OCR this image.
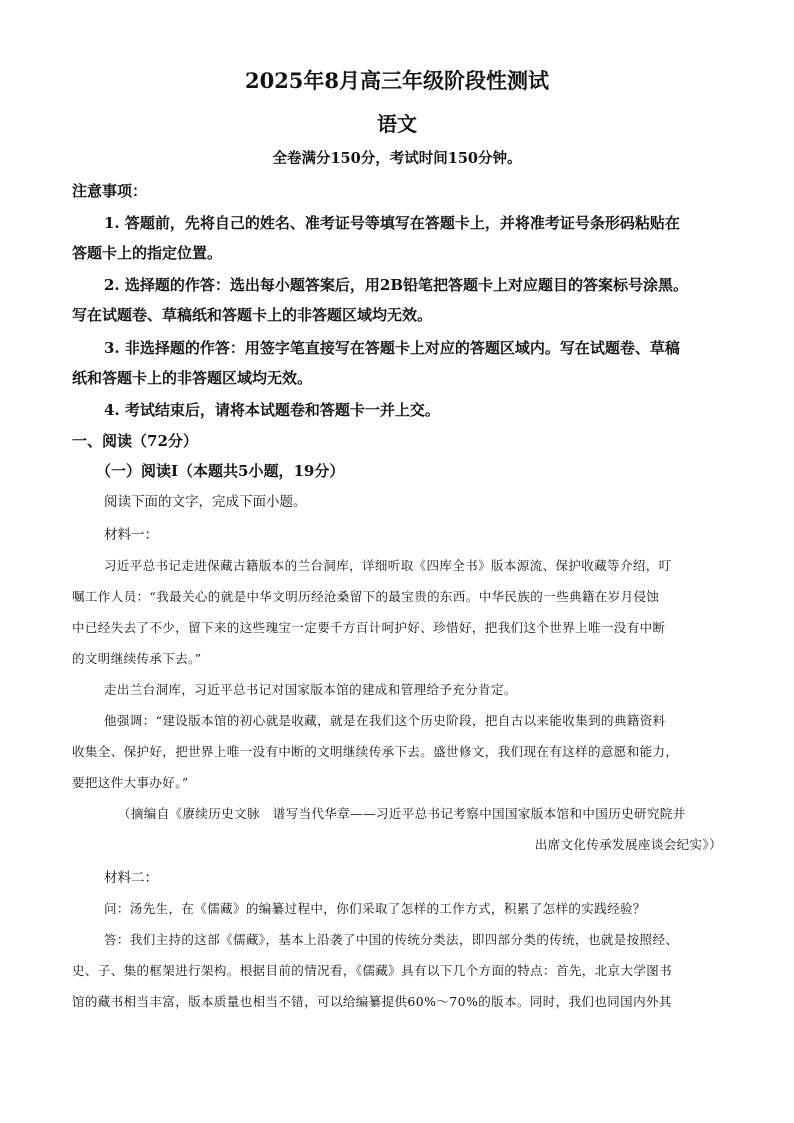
2025年8月高三年级阶段性测试
语文
全卷满分150分，考试时间150分钟。
注意事项：
1. 答题前，先将自己的姓名、准考证号等填写在答题卡上，并将准考证号条形码粘贴在
答题卡上的指定位置。
2. 选择题的作答：选出每小题答案后，用2B铅笔把答题卡上对应题目的答案标号涂黑。
写在试题卷、草稿纸和答题卡上的非答题区域均无效。
3. 非选择题的作答：用签字笔直接写在答题卡上对应的答题区域内。写在试题卷、草稿
纸和答题卡上的非答题区域均无效。
4. 考试结束后，请将本试题卷和答题卡一并上交。
一、阅读（72分）
（一）阅读Ⅰ（本题共5小题，19分）
阅读下面的文字，完成下面小题。
材料一：
习近平总书记走进保藏古籍版本的兰台洞库，详细听取《四库全书》版本源流、保护收藏等介绍，叮
嘱工作人员：“我最关心的就是中华文明历经沧桑留下的最宝贵的东西。中华民族的一些典籍在岁月侵蚀
中已经失去了不少，留下来的这些瑰宝一定要千方百计呵护好、珍惜好，把我们这个世界上唯一没有中断
的文明继续传承下去。”
走出兰台洞库，习近平总书记对国家版本馆的建成和管理给予充分肯定。
他强调：“建设版本馆的初心就是收藏，就是在我们这个历史阶段，把自古以来能收集到的典籍资料
收集全、保护好，把世界上唯一没有中断的文明继续传承下去。盛世修文，我们现在有这样的意愿和能力，
要把这件大事办好。”
（摘编自《赓续历史文脉　谱写当代华章——习近平总书记考察中国国家版本馆和中国历史研究院并
出席文化传承发展座谈会纪实》）
材料二：
问：汤先生，在《儒藏》的编纂过程中，你们采取了怎样的工作方式，积累了怎样的实践经验？
答：我们主持的这部《儒藏》，基本上沿袭了中国的传统分类法，即四部分类的传统，也就是按照经、
史、子、集的框架进行架构。根据目前的情况看，《儒藏》具有以下几个方面的特点：首先，北京大学图书
馆的藏书相当丰富，版本质量也相当不错，可以给编纂提供60%～70%的版本。同时，我们也同国内外其
